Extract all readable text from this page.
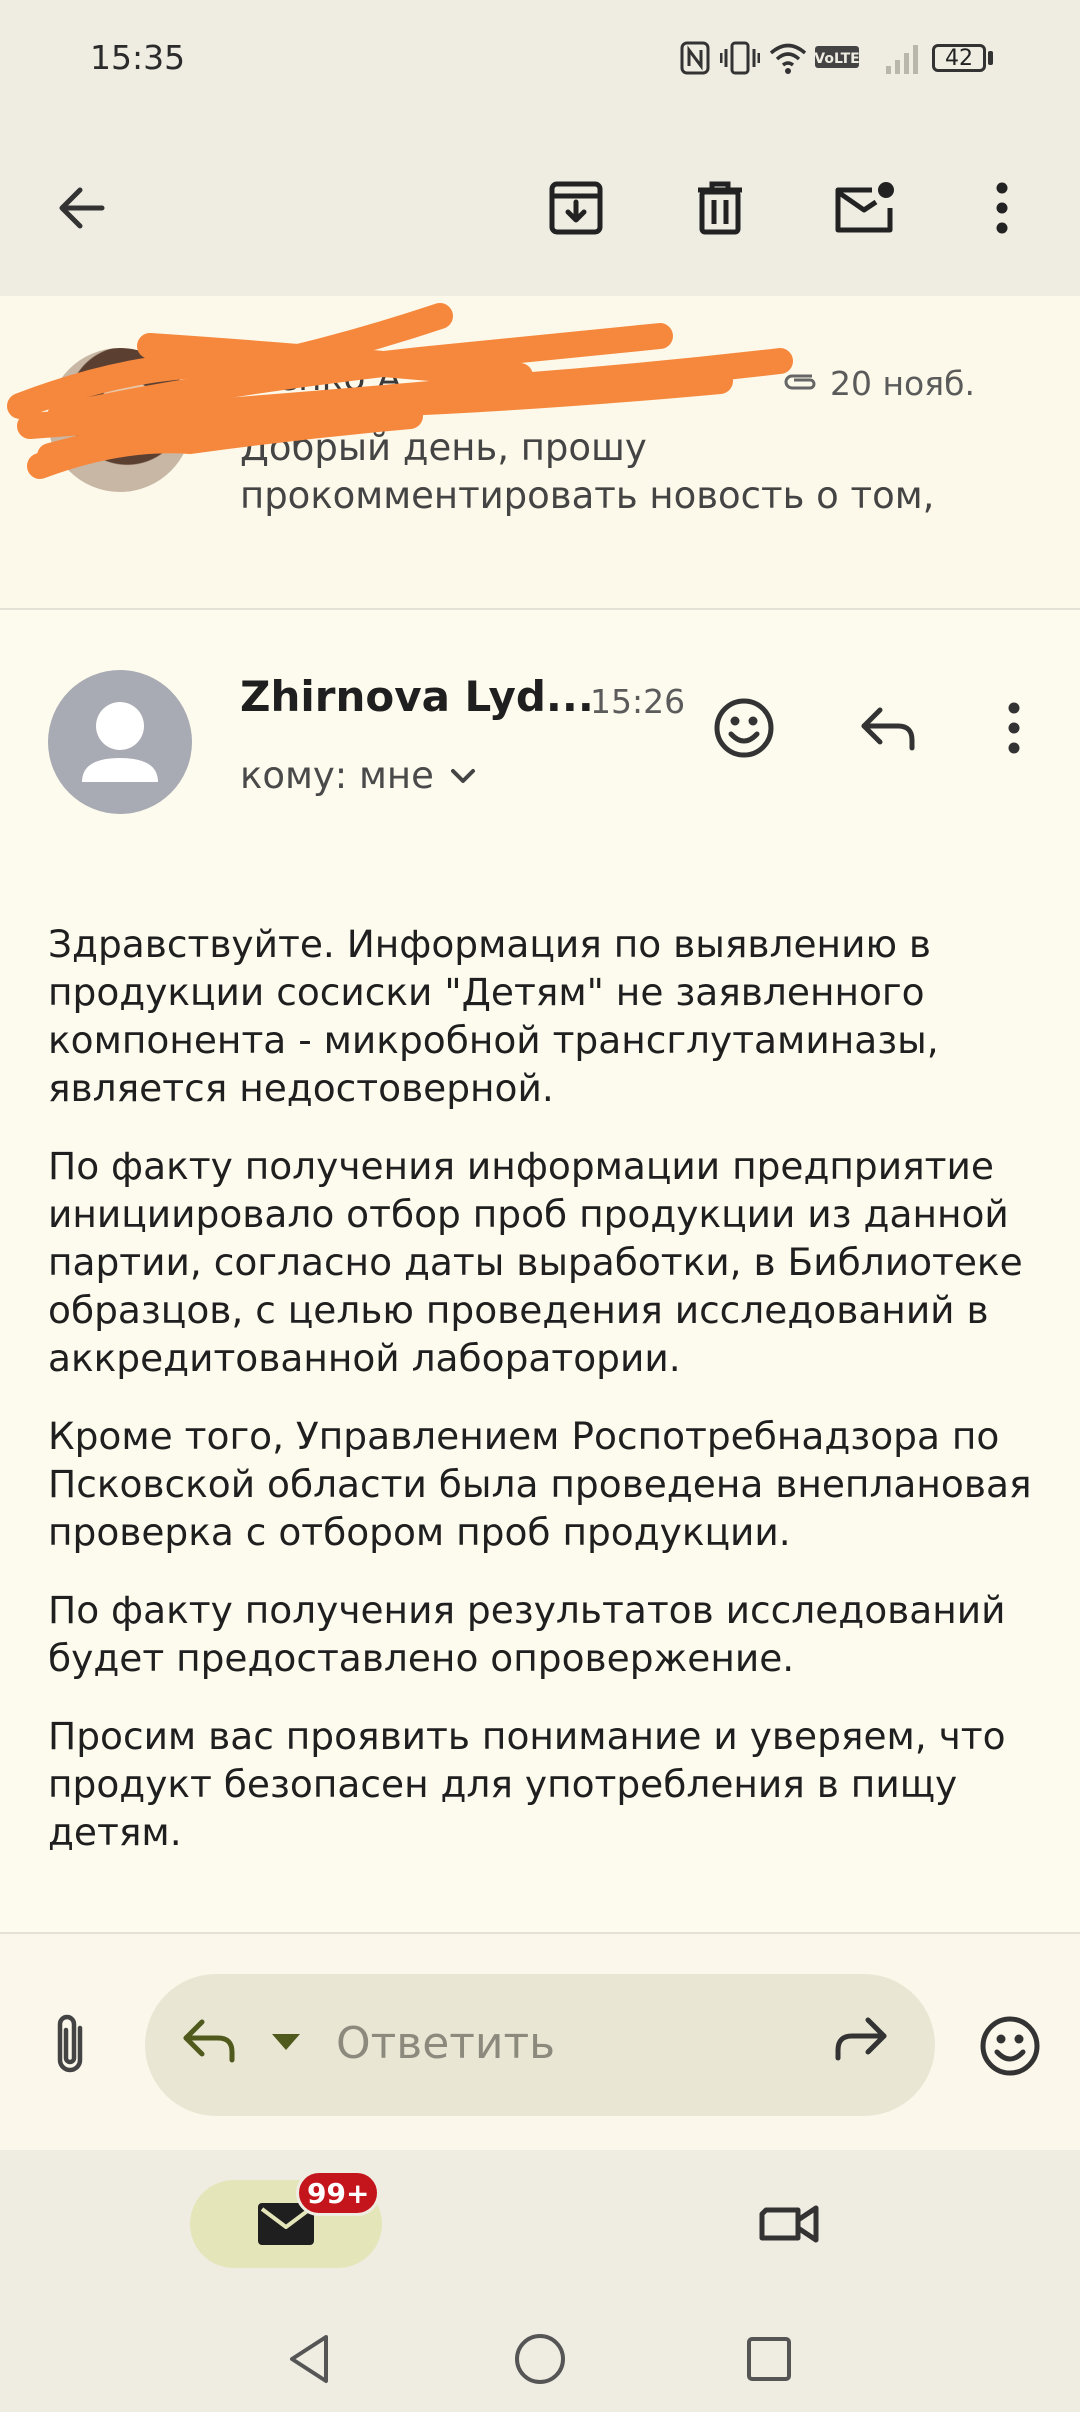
15:35	VoLTE	42
…енко А…	20 нояб.
Добрый день, прошу прокомментировать новость о том,
Zhirnova Lyd...
15:26
кому: мне

Здравствуйте. Информация по выявлению в продукции сосиски "Детям" не заявленного компонента - микробной трансглутаминазы, является недостоверной.

По факту получения информации предприятие инициировало отбор проб продукции из данной партии, согласно даты выработки, в Библиотеке образцов, с целью проведения исследований в аккредитованной лаборатории.

Кроме того, Управлением Роспотребнадзора по Псковской области была проведена внеплановая проверка с отбором проб продукции.

По факту получения результатов исследований будет предоставлено опровержение.

Просим вас проявить понимание и уверяем, что продукт безопасен для употребления в пищу детям.

Ответить
99+
